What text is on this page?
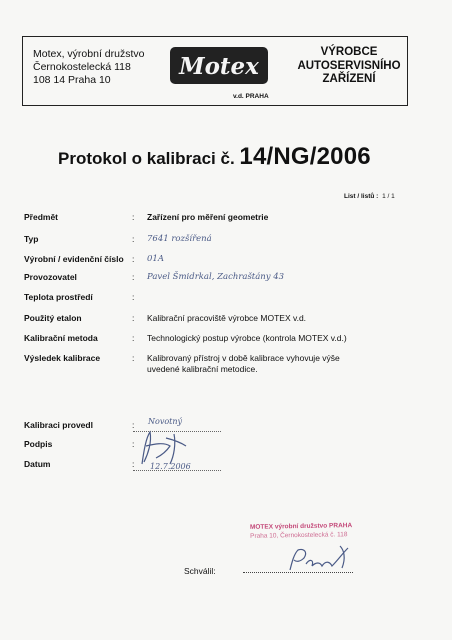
Motex, výrobní družstvo
Černokostelecká 118
108 14 Praha 10	Motex
v.d. PRAHA
VÝROBCE
AUTOSERVISNÍHO
ZAŘÍZENÍ
Protokol o kalibraci č. 14/NG/2006
List / listů : 1 / 1
Předmět	: Zařízení pro měření geometrie
Typ	: 7641 rozšířená
Výrobní / evidenční číslo : 01A
Provozovatel	: Pavel Šmidrkal, Zachraštány 43
Teplota prostředí	:
Použitý etalon	: Kalibrační pracoviště výrobce MOTEX v.d.
Kalibrační metoda	: Technologický postup výrobce (kontrola MOTEX v.d.)
Výsledek kalibrace	: Kalibrovaný přístroj v době kalibrace vyhovuje výše uvedené kalibrační metodice.
Kalibraci provedl	: Novotný
Podpis	:
Datum	: 12.7.2006
MOTEX výrobní družstvo PRAHA
Praha 10, Černokostelecká č. 118
Schválil:
